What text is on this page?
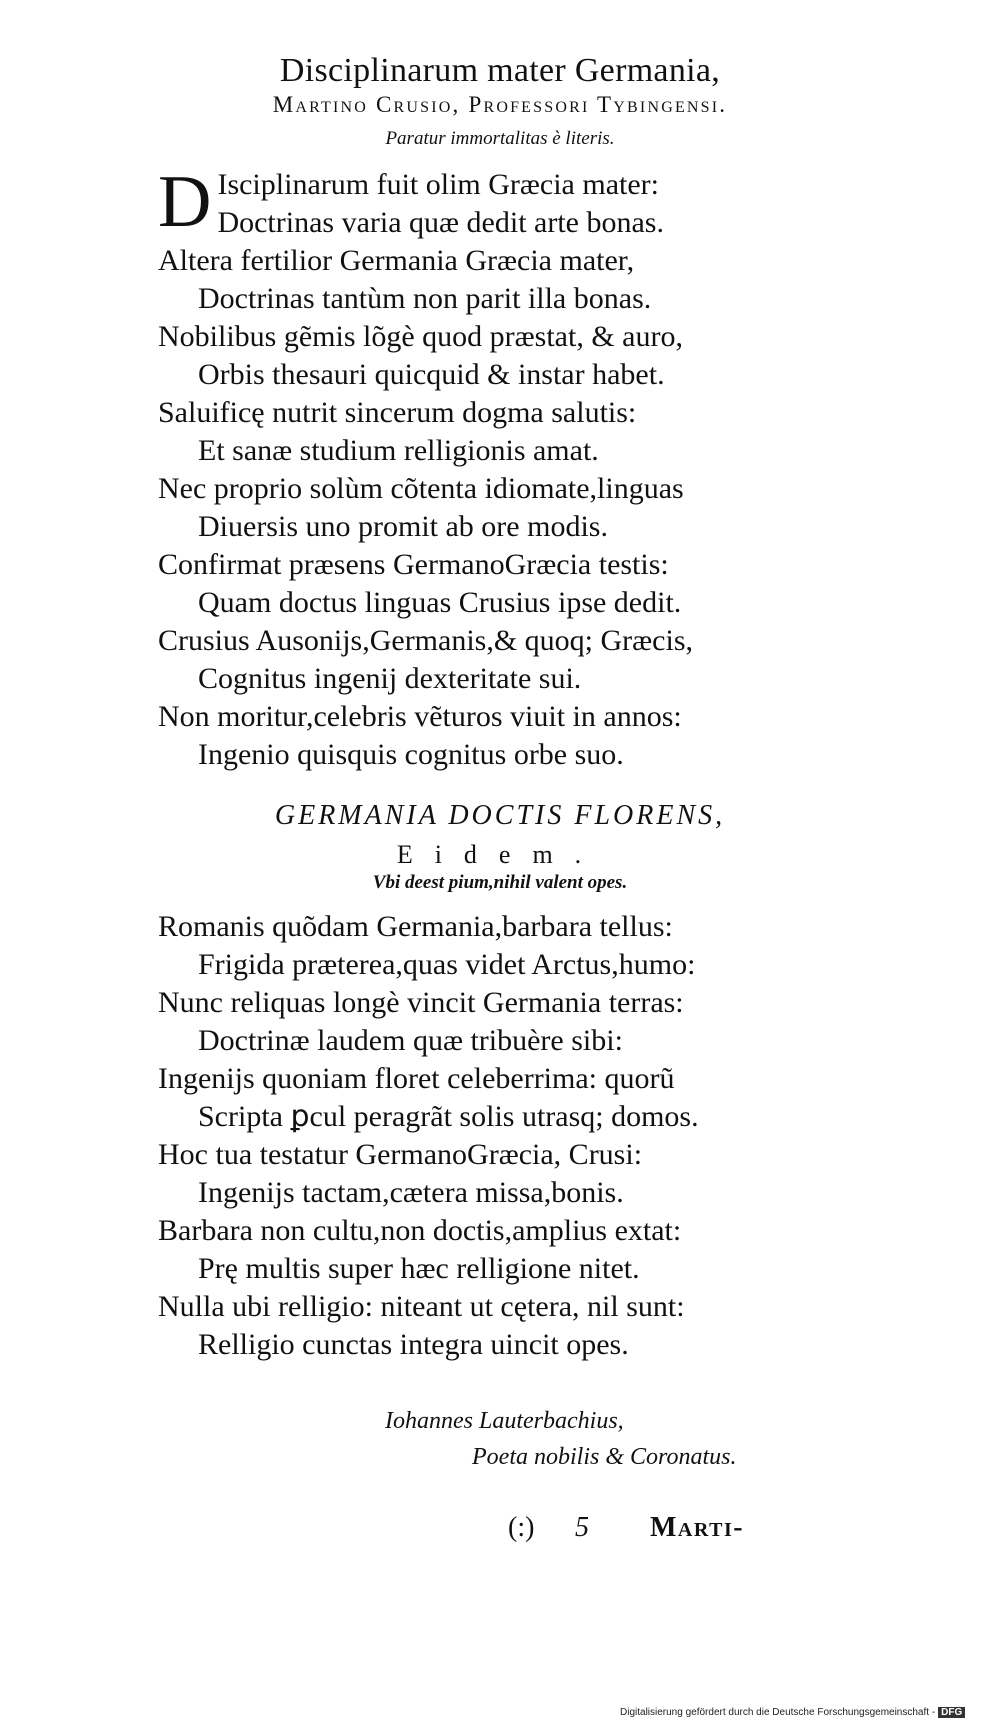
Disciplinarum mater Germania,
Martino Crusio, Professori Tybingensi.
Paratur immortalitas è literis.
D Isciplinarum fuit olim Græcia mater:
Doctrinas varia quæ dedit arte bonas.
Altera fertilior Germania Græcia mater,
Doctrinas tantùm non parit illa bonas.
Nobilibus gẽmis lõgè quod præstat, & auro,
Orbis thesauri quicquid & instar habet.
Saluificę nutrit sincerum dogma salutis:
Et sanæ studium relligionis amat.
Nec proprio solùm cõtenta idiomate,linguas
Diuersis uno promit ab ore modis.
Confirmat præsens GermanoGræcia testis:
Quam doctus linguas Crusius ipse dedit.
Crusius Ausonijs,Germanis,& quoq; Græcis,
Cognitus ingenij dexteritate sui.
Non moritur,celebris vẽturos viuit in annos:
Ingenio quisquis cognitus orbe suo.
GERMANIA DOCTIS FLORENS,
Eidem.
Vbi deest pium,nihil valent opes.
Romanis quõdam Germania,barbara tellus:
Frigida præterea,quas videt Arctus,humo:
Nunc reliquas longè vincit Germania terras:
Doctrinæ laudem quæ tribuère sibi:
Ingenijs quoniam floret celeberrima: quorũ
Scripta ꝑcul peragrãt solis utrasq; domos.
Hoc tua testatur GermanoGræcia, Crusi:
Ingenijs tactam,cætera missa,bonis.
Barbara non cultu,non doctis,amplius extat:
Prę multis super hæc relligione nitet.
Nulla ubi relligio: niteant ut cętera, nil sunt:
Relligio cunctas integra uincit opes.
Iohannes Lauterbachius,
Poeta nobilis & Coronatus.
(:) 5 Marti-
Digitalisierung gefördert durch die Deutsche Forschungsgemeinschaft - DFG
